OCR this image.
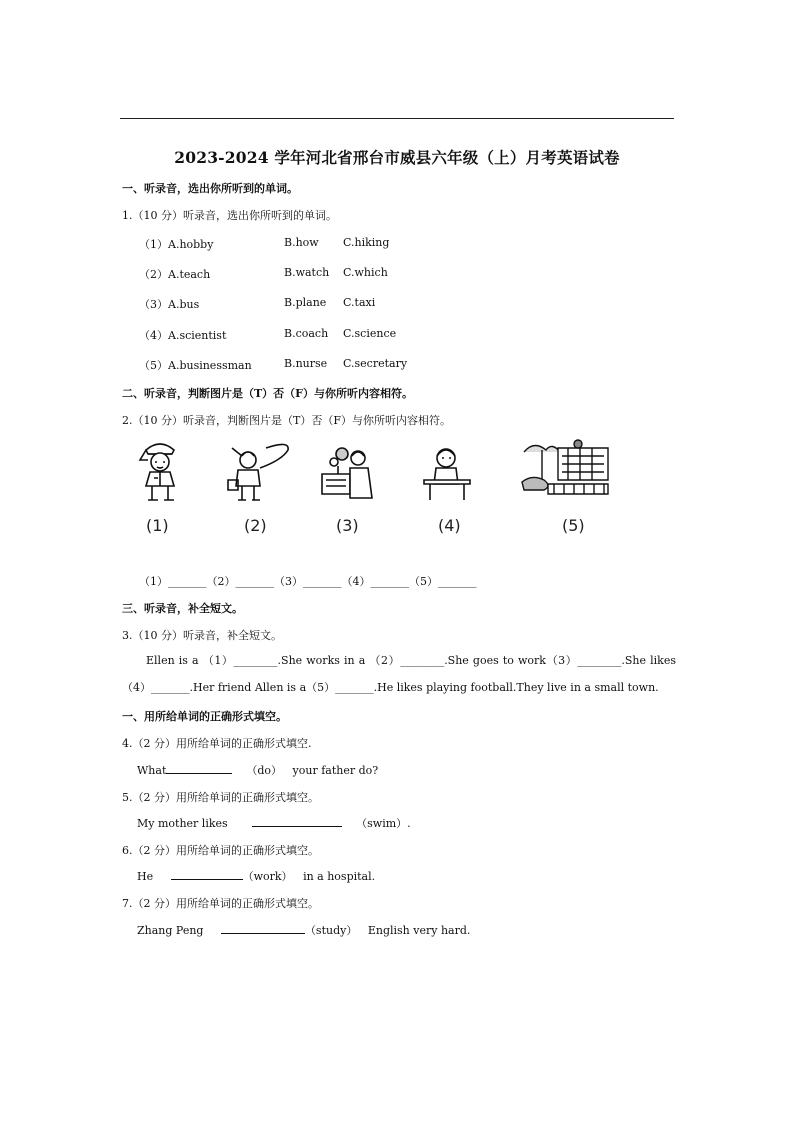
2023-2024 学年河北省邢台市威县六年级（上）月考英语试卷
一、听录音，选出你所听到的单词。
1.（10 分）听录音，选出你所听到的单词。
（1）A.hobby	B.how C.hiking
（2）A.teach	B.watch C.which
（3）A.bus	B.plane C.taxi
（4）A.scientist	B.coach C.science
（5）A.businessman	B.nurse C.secretary
二、听录音，判断图片是（T）否（F）与你所听内容相符。
2.（10 分）听录音，判断图片是（T）否（F）与你所听内容相符。
(1)	(2)	(3)	(4)	(5)
（1）_______（2）_______（3）_______（4）_______（5）_______
三、听录音，补全短文。
3.（10 分）听录音，补全短文。
Ellen is a （1）________.She works in a （2）________.She goes to work（3）________.She likes
（4）_______.Her friend Allen is a（5）_______.He likes playing football.They live in a small town.
一、用所给单词的正确形式填空。
4.（2 分）用所给单词的正确形式填空.
What	（do） your father do?
5.（2 分）用所给单词的正确形式填空。
My mother likes	（swim）.
6.（2 分）用所给单词的正确形式填空。
He	（work） in a hospital.
7.（2 分）用所给单词的正确形式填空。
Zhang Peng	（study） English very hard.
